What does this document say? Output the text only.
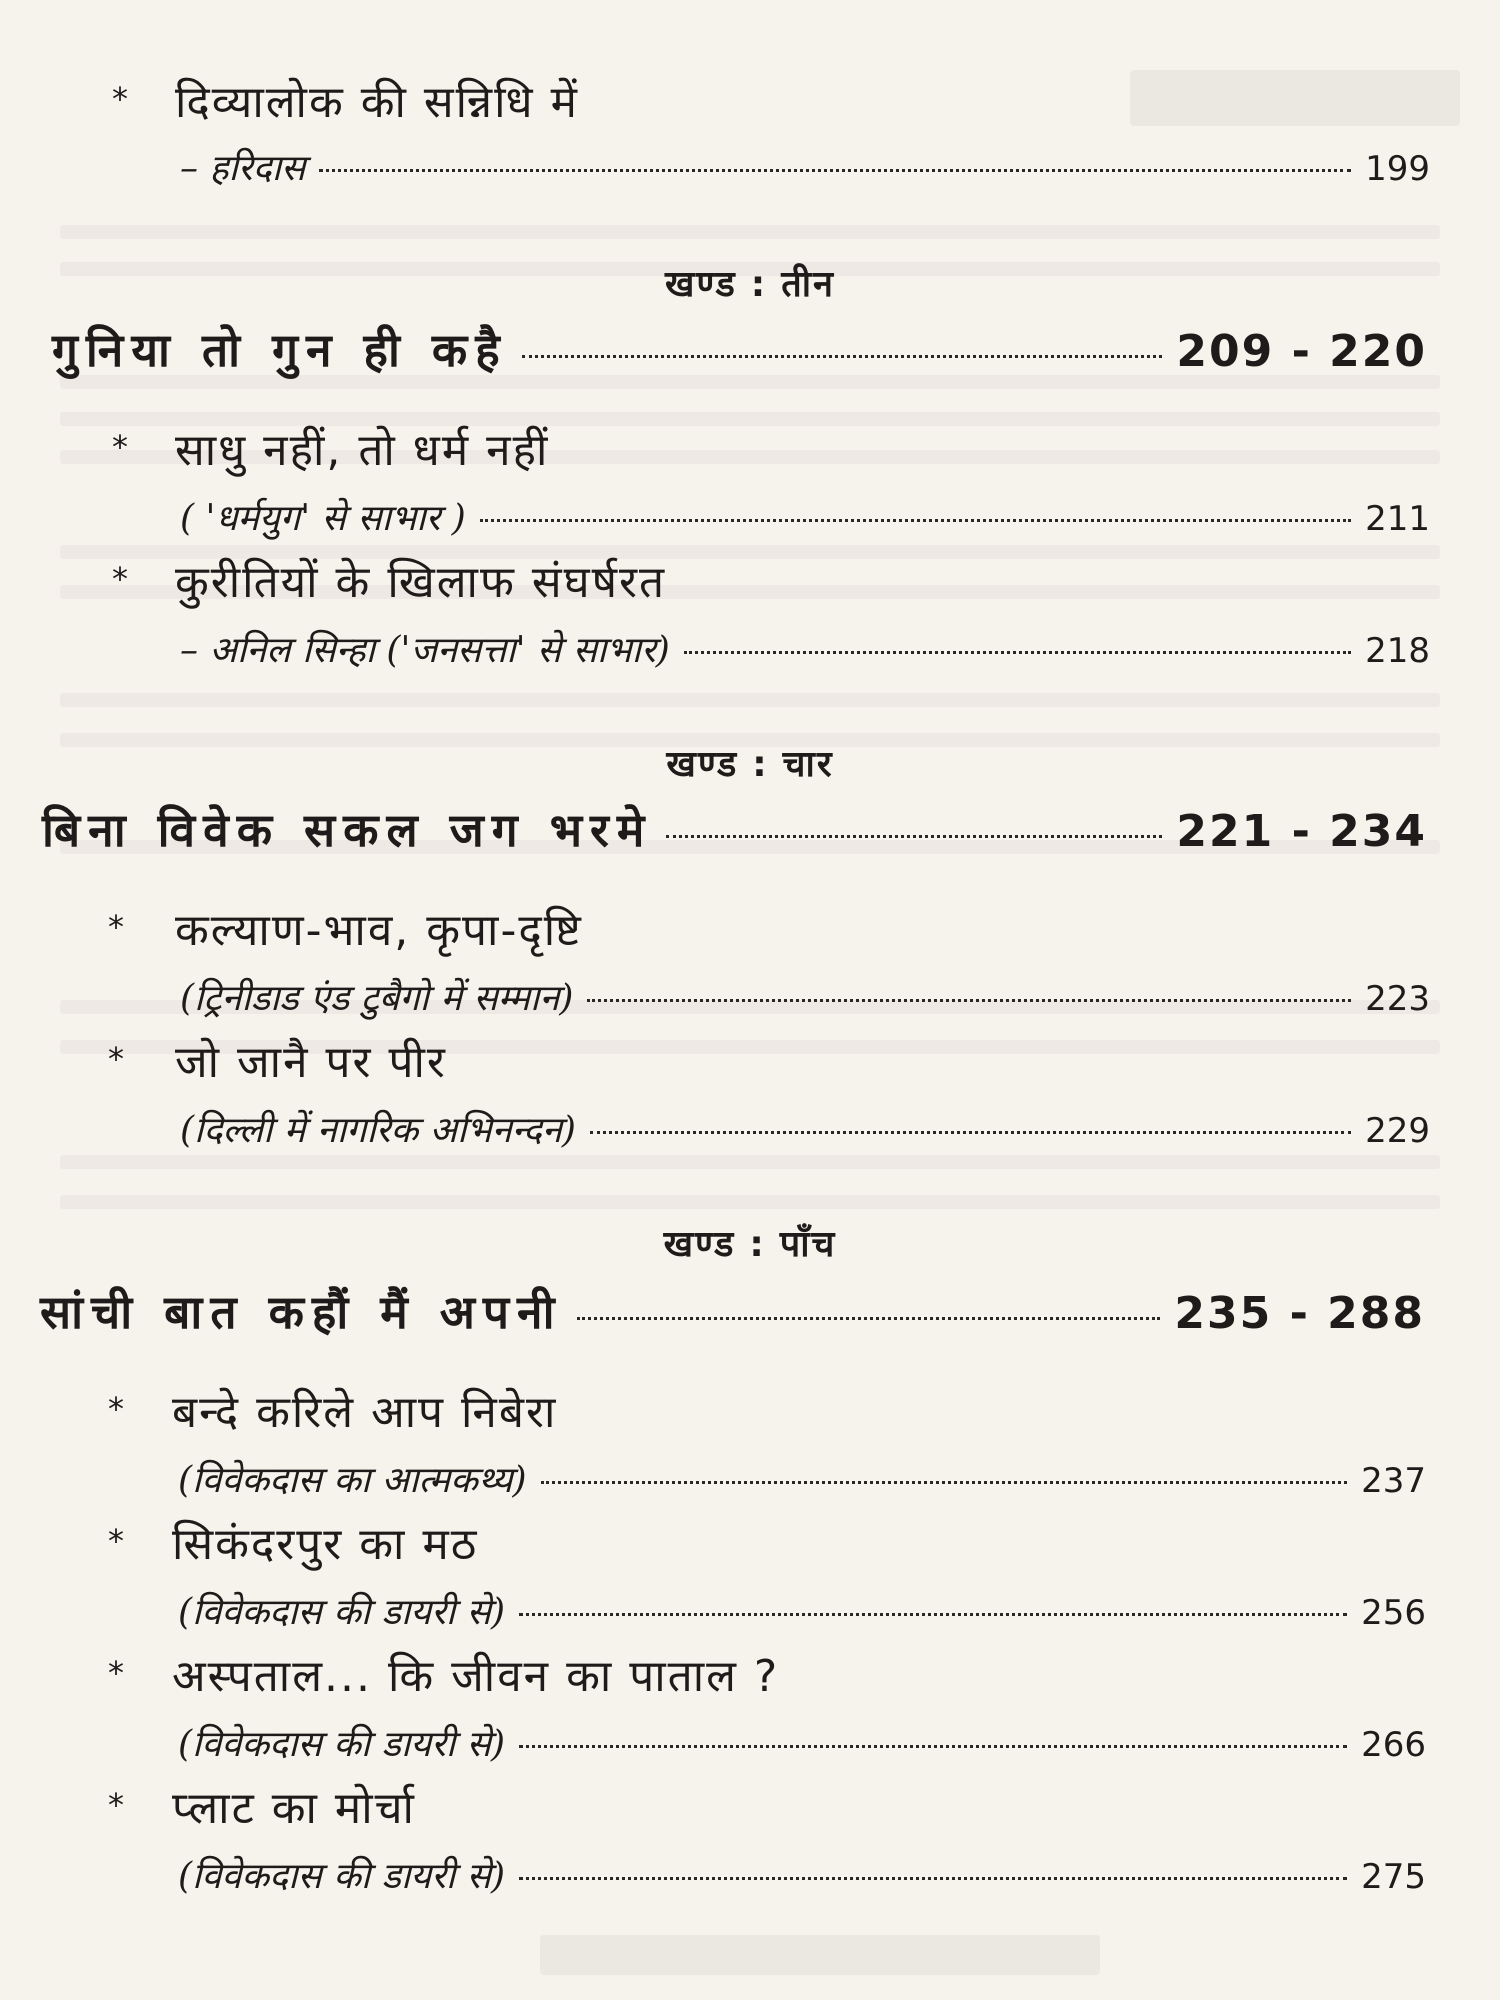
* दिव्यालोक की सन्निधि में
– हरिदास	199
खण्ड : तीन
गुनिया तो गुन ही कहै	209 - 220
* साधु नहीं, तो धर्म नहीं
( 'धर्मयुग' से साभार )	211
* कुरीतियों के खिलाफ संघर्षरत
– अनिल सिन्हा ('जनसत्ता' से साभार)	218
खण्ड : चार
बिना विवेक सकल जग भरमे	221 - 234
* कल्याण-भाव, कृपा-दृष्टि
(ट्रिनीडाड एंड टुबैगो में सम्मान)	223
* जो जानै पर पीर
(दिल्ली में नागरिक अभिनन्दन)	229
खण्ड : पाँच
सांची बात कहौं मैं अपनी	235 - 288
* बन्दे करिले आप निबेरा
(विवेकदास का आत्मकथ्य)	237
* सिकंदरपुर का मठ
(विवेकदास की डायरी से)	256
* अस्पताल... कि जीवन का पाताल ?
(विवेकदास की डायरी से)	266
* प्लाट का मोर्चा
(विवेकदास की डायरी से)	275
